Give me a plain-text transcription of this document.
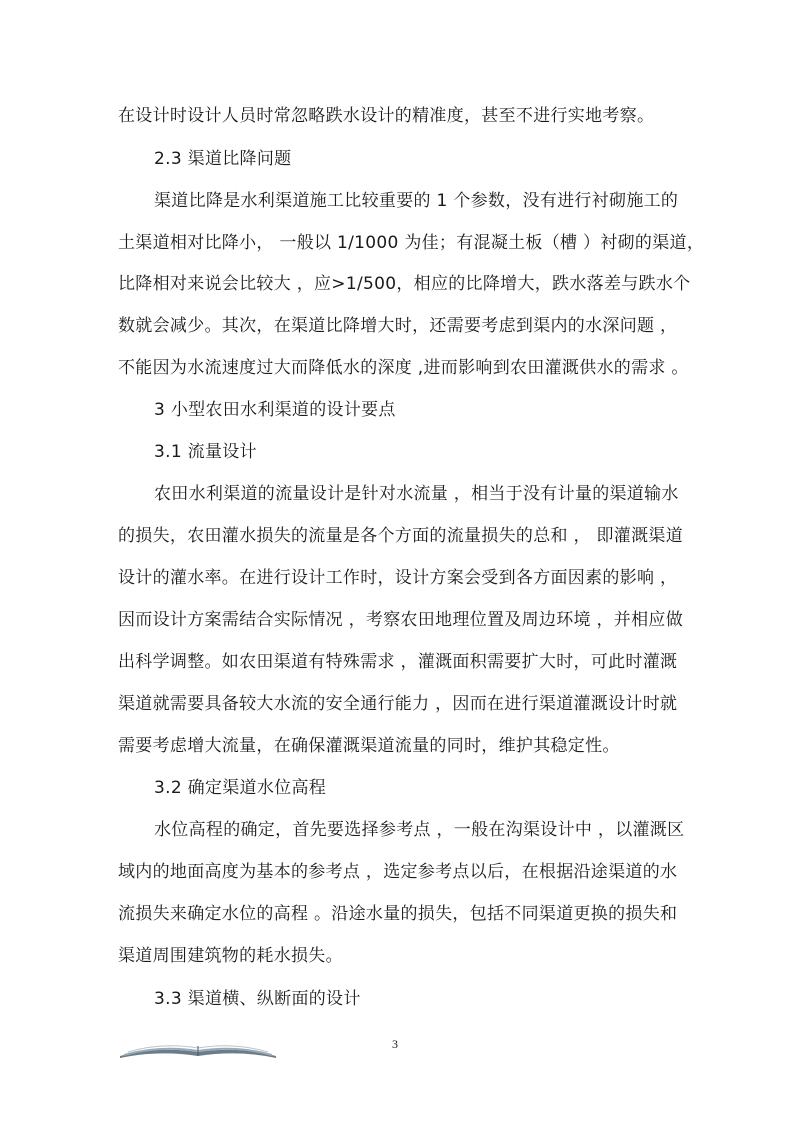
在设计时设计人员时常忽略跌水设计的精准度，甚至不进行实地考察。
2.3 渠道比降问题
渠道比降是水利渠道施工比较重要的 1 个参数，没有进行衬砌施工的
土渠道相对比降小， 一般以 1/1000 为佳；有混凝土板（槽 ）衬砌的渠道，
比降相对来说会比较大 ，应>1/500，相应的比降增大，跌水落差与跌水个
数就会减少。其次，在渠道比降增大时，还需要考虑到渠内的水深问题 ，
不能因为水流速度过大而降低水的深度 ,进而影响到农田灌溉供水的需求 。
3 小型农田水利渠道的设计要点
3.1 流量设计
农田水利渠道的流量设计是针对水流量 ，相当于没有计量的渠道输水
的损失，农田灌水损失的流量是各个方面的流量损失的总和 ， 即灌溉渠道
设计的灌水率。在进行设计工作时，设计方案会受到各方面因素的影响 ，
因而设计方案需结合实际情况 ，考察农田地理位置及周边环境 ，并相应做
出科学调整。如农田渠道有特殊需求 ，灌溉面积需要扩大时，可此时灌溉
渠道就需要具备较大水流的安全通行能力 ，因而在进行渠道灌溉设计时就
需要考虑增大流量，在确保灌溉渠道流量的同时，维护其稳定性。
3.2 确定渠道水位高程
水位高程的确定，首先要选择参考点 ，一般在沟渠设计中 ，以灌溉区
域内的地面高度为基本的参考点 ，选定参考点以后，在根据沿途渠道的水
流损失来确定水位的高程 。沿途水量的损失，包括不同渠道更换的损失和
渠道周围建筑物的耗水损失。
3.3 渠道横、纵断面的设计
3
